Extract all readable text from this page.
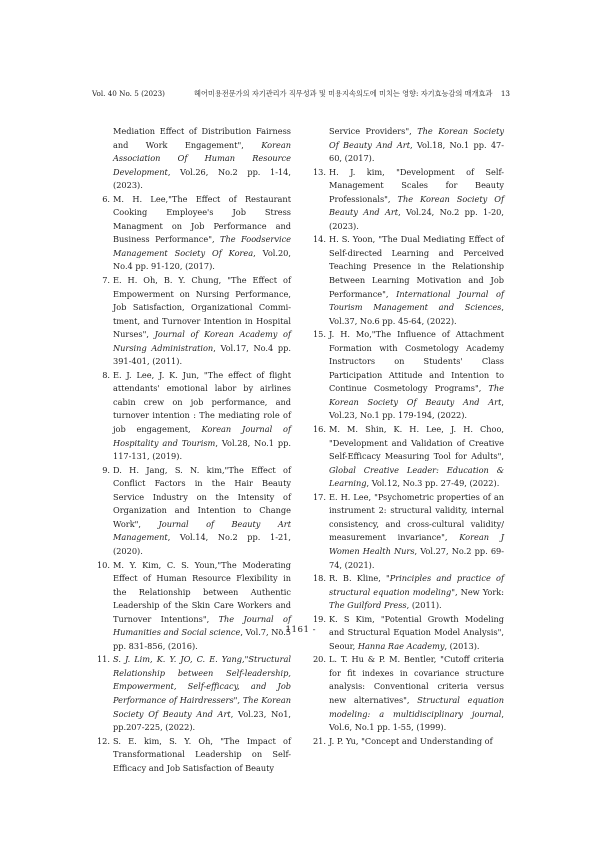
Vol. 40 No. 5 (2023)	헤어미용전문가의 자기관리가 직무성과 및 미용지속의도에 미치는 영향: 자기효능감의 매개효과 13
Mediation Effect of Distribution Fairness and Work Engagement", Korean Association Of Human Resource Development, Vol.26, No.2 pp. 1-14, (2023).
6. M. H. Lee,"The Effect of Restaurant Cooking Employee's Job Stress Managment on Job Performance and Business Performance", The Foodservice Management Society Of Korea, Vol.20, No.4 pp. 91-120, (2017).
7. E. H. Oh, B. Y. Chung, "The Effect of Empowerment on Nursing Performance, Job Satisfaction, Organizational Commi- tment, and Turnover Intention in Hospital Nurses", Journal of Korean Academy of Nursing Administration, Vol.17, No.4 pp. 391-401, (2011).
8. E. J. Lee, J. K. Jun, "The effect of flight attendants' emotional labor by airlines cabin crew on job performance, and turnover intention : The mediating role of job engagement, Korean Journal of Hospitality and Tourism, Vol.28, No.1 pp. 117-131, (2019).
9. D. H. Jang, S. N. kim,"The Effect of Conflict Factors in the Hair Beauty Service Industry on the Intensity of Organization and Intention to Change Work", Journal of Beauty Art Management, Vol.14, No.2 pp. 1-21, (2020).
10. M. Y. Kim, C. S. Youn,"The Moderating Effect of Human Resource Flexibility in the Relationship between Authentic Leadership of the Skin Care Workers and Turnover Intentions", The Journal of Humanities and Social science, Vol.7, No.5 pp. 831-856, (2016).
11. S. J. Lim, K. Y. JO, C. E. Yang,"Structural Relationship between Self-leadership, Empowerment, Self-efficacy, and Job Performance of Hairdressers", The Korean Society Of Beauty And Art, Vol.23, No1, pp.207-225, (2022).
12. S. E. kim, S. Y. Oh, "The Impact of Transformational Leadership on Self-Efficacy and Job Satisfaction of Beauty
Service Providers", The Korean Society Of Beauty And Art, Vol.18, No.1 pp. 47-60, (2017).
13. H. J. kim, "Development of Self-Management Scales for Beauty Professionals", The Korean Society Of Beauty And Art, Vol.24, No.2 pp. 1-20, (2023).
14. H. S. Yoon, "The Dual Mediating Effect of Self-directed Learning and Perceived Teaching Presence in the Relationship Between Learning Motivation and Job Performance", International Journal of Tourism Management and Sciences, Vol.37, No.6 pp. 45-64, (2022).
15. J. H. Mo,"The Influence of Attachment Formation with Cosmetology Academy Instructors on Students' Class Participation Attitude and Intention to Continue Cosmetology Programs", The Korean Society Of Beauty And Art, Vol.23, No.1 pp. 179-194, (2022).
16. M. M. Shin, K. H. Lee, J. H. Choo, "Development and Validation of Creative Self-Efficacy Measuring Tool for Adults", Global Creative Leader: Education & Learning, Vol.12, No.3 pp. 27-49, (2022).
17. E. H. Lee, "Psychometric properties of an instrument 2: structural validity, internal consistency, and cross-cultural validity/ measurement invariance", Korean J Women Health Nurs, Vol.27, No.2 pp. 69-74, (2021).
18. R. B. Kline, "Principles and practice of structural equation modeling", New York: The Guilford Press, (2011).
19. K. S Kim, "Potential Growth Modeling and Structural Equation Model Analysis", Seour, Hanna Rae Academy, (2013).
20. L. T. Hu & P. M. Bentler, "Cutoff criteria for fit indexes in covariance structure analysis: Conventional criteria versus new alternatives", Structural equation modeling: a multidisciplinary journal, Vol.6, No.1 pp. 1-55, (1999).
21. J. P. Yu, "Concept and Understanding of
- 1161 -
